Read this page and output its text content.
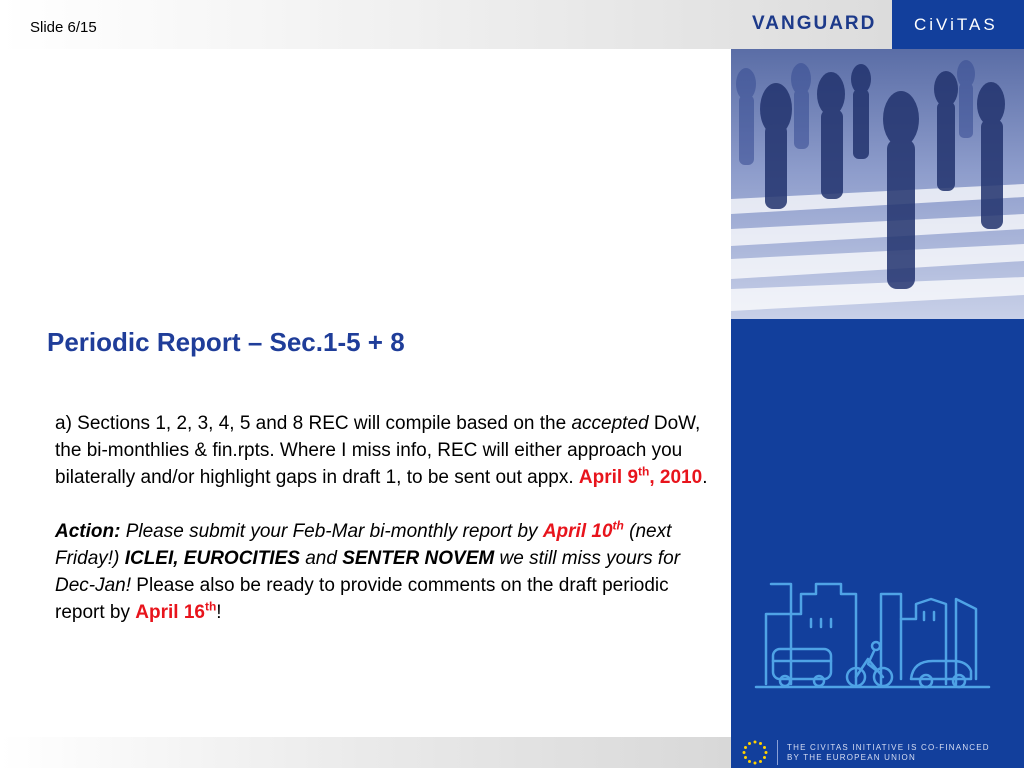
Slide 6/15	VANGUARD CiViTAS
Periodic Report – Sec.1-5 + 8

a) Sections 1, 2, 3, 4, 5 and 8 REC will compile based on the accepted DoW, the bi-monthlies & fin.rpts. Where I miss info, REC will either approach you bilaterally and/or highlight gaps in draft 1, to be sent out appx. April 9th, 2010.

Action: Please submit your Feb-Mar bi-monthly report by April 10th (next Friday!) ICLEI, EUROCITIES and SENTER NOVEM we still miss yours for Dec-Jan! Please also be ready to provide comments on the draft periodic report by April 16th!

THE CIVITAS INITIATIVE IS CO-FINANCED
BY THE EUROPEAN UNION
